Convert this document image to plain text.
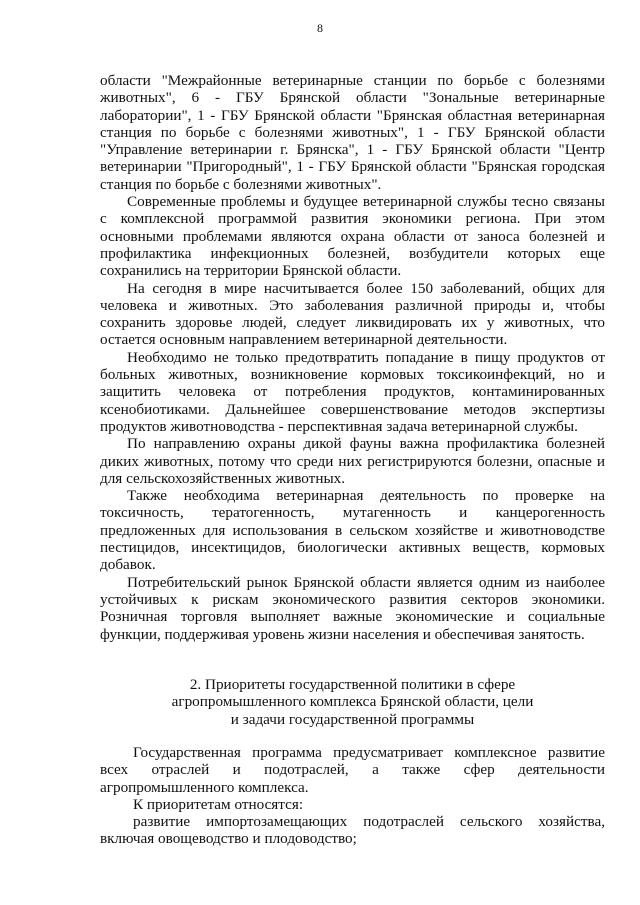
8

области "Межрайонные ветеринарные станции по борьбе с болезнями животных", 6 - ГБУ Брянской области "Зональные ветеринарные лаборатории", 1 - ГБУ Брянской области "Брянская областная ветеринарная станция по борьбе с болезнями животных", 1 - ГБУ Брянской области "Управление ветеринарии г. Брянска", 1 - ГБУ Брянской области "Центр ветеринарии "Пригородный", 1 - ГБУ Брянской области "Брянская городская станция по борьбе с болезнями животных".

Современные проблемы и будущее ветеринарной службы тесно связаны с комплексной программой развития экономики региона. При этом основными проблемами являются охрана области от заноса болезней и профилактика инфекционных болезней, возбудители которых еще сохранились на территории Брянской области.

На сегодня в мире насчитывается более 150 заболеваний, общих для человека и животных. Это заболевания различной природы и, чтобы сохранить здоровье людей, следует ликвидировать их у животных, что остается основным направлением ветеринарной деятельности.

Необходимо не только предотвратить попадание в пищу продуктов от больных животных, возникновение кормовых токсикоинфекций, но и защитить человека от потребления продуктов, контаминированных ксенобиотиками. Дальнейшее совершенствование методов экспертизы продуктов животноводства - перспективная задача ветеринарной службы.

По направлению охраны дикой фауны важна профилактика болезней диких животных, потому что среди них регистрируются болезни, опасные и для сельскохозяйственных животных.

Также необходима ветеринарная деятельность по проверке на токсичность, тератогенность, мутагенность и канцерогенность предложенных для использования в сельском хозяйстве и животноводстве пестицидов, инсектицидов, биологически активных веществ, кормовых добавок.

Потребительский рынок Брянской области является одним из наиболее устойчивых к рискам экономического развития секторов экономики. Розничная торговля выполняет важные экономические и социальные функции, поддерживая уровень жизни населения и обеспечивая занятость.

2. Приоритеты государственной политики в сфере
агропромышленного комплекса Брянской области, цели
и задачи государственной программы

Государственная программа предусматривает комплексное развитие всех отраслей и подотраслей, а также сфер деятельности агропромышленного комплекса.

К приоритетам относятся:

развитие импортозамещающих подотраслей сельского хозяйства, включая овощеводство и плодоводство;
